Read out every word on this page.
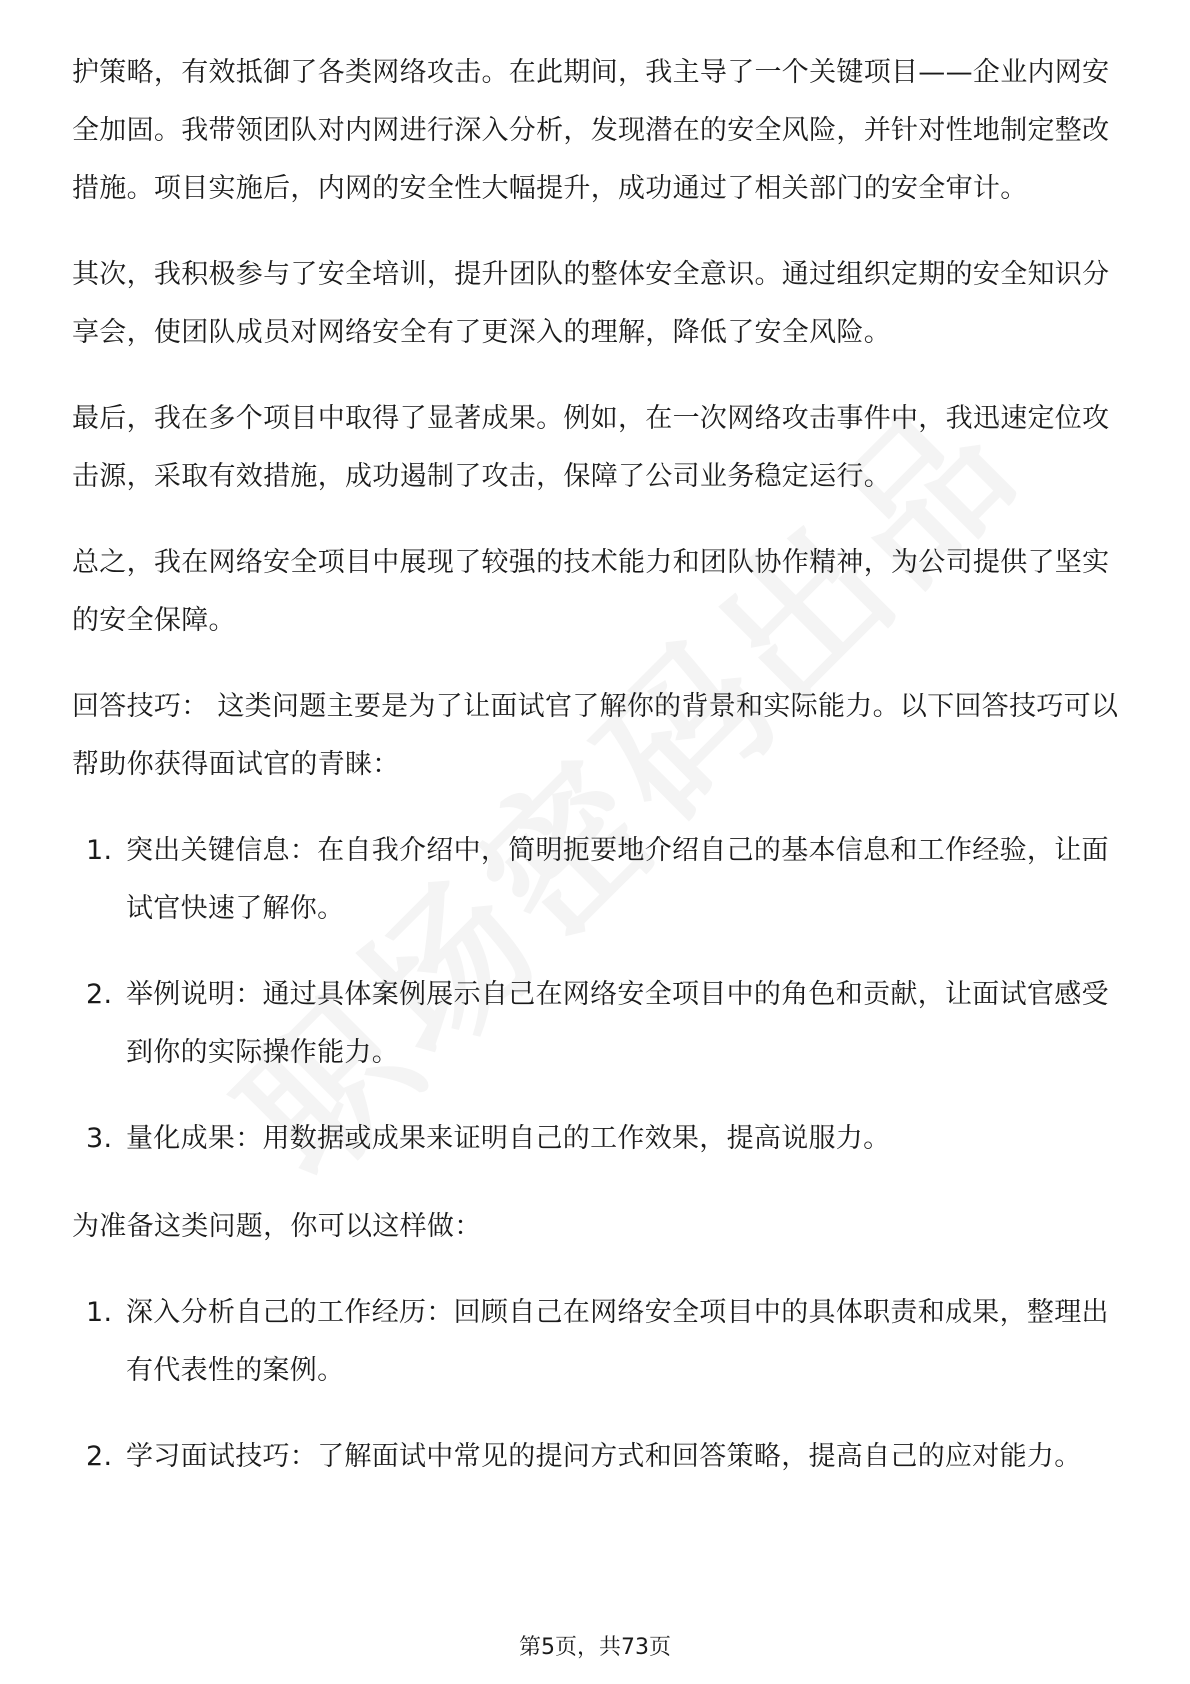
护策略，有效抵御了各类网络攻击。在此期间，我主导了一个关键项目——企业内网安全加固。我带领团队对内网进行深入分析，发现潜在的安全风险，并针对性地制定整改措施。项目实施后，内网的安全性大幅提升，成功通过了相关部门的安全审计。

其次，我积极参与了安全培训，提升团队的整体安全意识。通过组织定期的安全知识分享会，使团队成员对网络安全有了更深入的理解，降低了安全风险。

最后，我在多个项目中取得了显著成果。例如，在一次网络攻击事件中，我迅速定位攻击源，采取有效措施，成功遏制了攻击，保障了公司业务稳定运行。

总之，我在网络安全项目中展现了较强的技术能力和团队协作精神，为公司提供了坚实的安全保障。

回答技巧： 这类问题主要是为了让面试官了解你的背景和实际能力。以下回答技巧可以帮助你获得面试官的青睐：

1. 突出关键信息：在自我介绍中，简明扼要地介绍自己的基本信息和工作经验，让面试官快速了解你。
2. 举例说明：通过具体案例展示自己在网络安全项目中的角色和贡献，让面试官感受到你的实际操作能力。
3. 量化成果：用数据或成果来证明自己的工作效果，提高说服力。

为准备这类问题，你可以这样做：

1. 深入分析自己的工作经历：回顾自己在网络安全项目中的具体职责和成果，整理出有代表性的案例。
2. 学习面试技巧：了解面试中常见的提问方式和回答策略，提高自己的应对能力。
第5页，共73页
